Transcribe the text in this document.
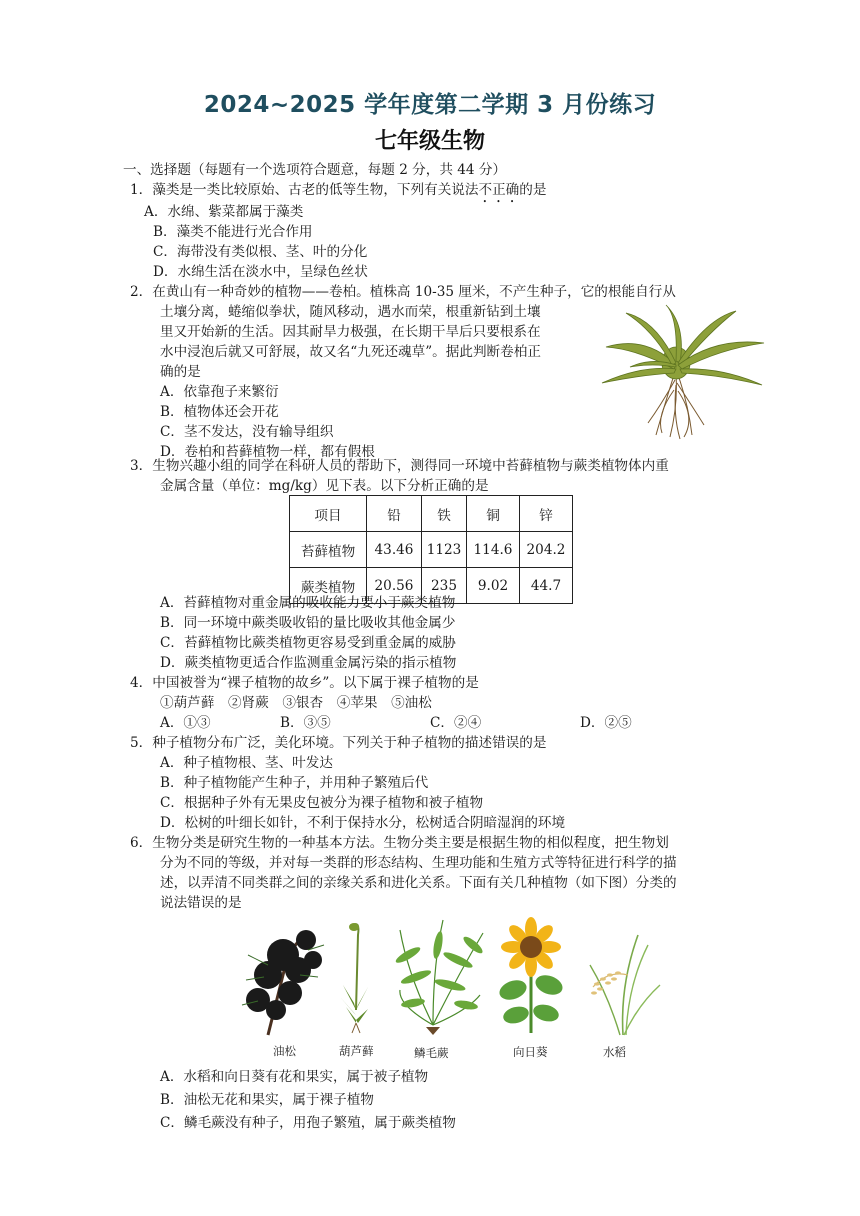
2024~2025 学年度第二学期 3 月份练习
七年级生物
一、选择题（每题有一个选项符合题意，每题 2 分，共 44 分）
1．藻类是一类比较原始、古老的低等生物，下列有关说法不正确的是
A．水绵、紫菜都属于藻类
B．藻类不能进行光合作用
C．海带没有类似根、茎、叶的分化
D．水绵生活在淡水中，呈绿色丝状
2．在黄山有一种奇妙的植物——卷柏。植株高 10-35 厘米，不产生种子，它的根能自行从
土壤分离，蜷缩似拳状，随风移动，遇水而荣，根重新钻到土壤
里又开始新的生活。因其耐旱力极强，在长期干旱后只要根系在
水中浸泡后就又可舒展，故又名“九死还魂草”。据此判断卷柏正
确的是
A．依靠孢子来繁衍
B．植物体还会开花
C．茎不发达，没有输导组织
D．卷柏和苔藓植物一样，都有假根
3．生物兴趣小组的同学在科研人员的帮助下，测得同一环境中苔藓植物与蕨类植物体内重
金属含量（单位：mg/kg）见下表。以下分析正确的是
项目	铅	铁	铜	锌
苔藓植物	43.46	1123	114.6	204.2
蕨类植物	20.56	235	9.02	44.7
A．苔藓植物对重金属的吸收能力要小于蕨类植物
B．同一环境中蕨类吸收铅的量比吸收其他金属少
C．苔藓植物比蕨类植物更容易受到重金属的威胁
D．蕨类植物更适合作监测重金属污染的指示植物
4．中国被誉为“裸子植物的故乡”。以下属于裸子植物的是
①葫芦藓　②肾蕨　③银杏　④苹果　⑤油松
A．①③	B．③⑤	C．②④	D．②⑤
5．种子植物分布广泛，美化环境。下列关于种子植物的描述错误的是
A．种子植物根、茎、叶发达
B．种子植物能产生种子，并用种子繁殖后代
C．根据种子外有无果皮包被分为裸子植物和被子植物
D．松树的叶细长如针，不利于保持水分，松树适合阴暗湿润的环境
6．生物分类是研究生物的一种基本方法。生物分类主要是根据生物的相似程度，把生物划
分为不同的等级，并对每一类群的形态结构、生理功能和生殖方式等特征进行科学的描
述，以弄清不同类群之间的亲缘关系和进化关系。下面有关几种植物（如下图）分类的
说法错误的是
油松	葫芦藓	鳞毛蕨	向日葵	水稻
A．水稻和向日葵有花和果实，属于被子植物
B．油松无花和果实，属于裸子植物
C．鳞毛蕨没有种子，用孢子繁殖，属于蕨类植物
